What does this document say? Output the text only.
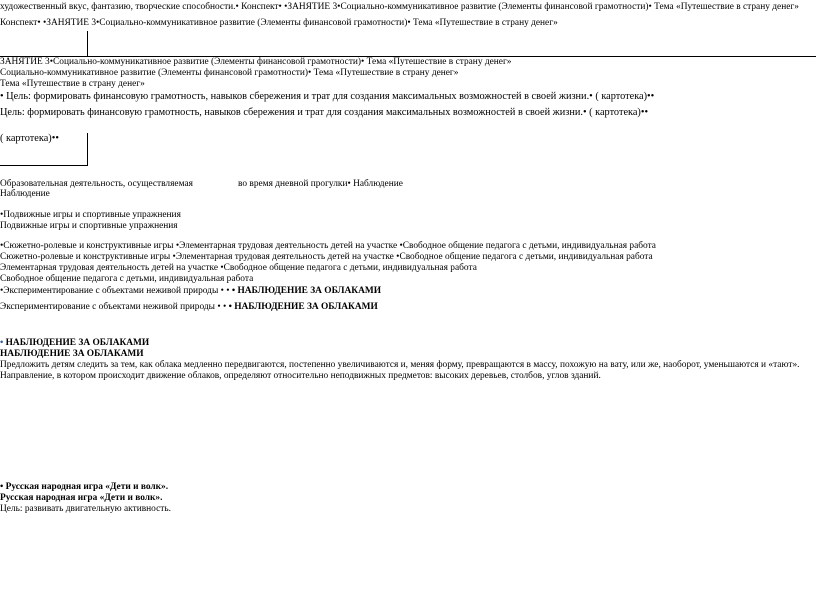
художественный вкус, фантазию, творческие способности.• Конспект• •ЗАНЯТИЕ 3•Социально-коммуникативное развитие (Элементы финансовой грамотности)• Тема «Путешествие в страну денег»
Конспект• •ЗАНЯТИЕ 3•Социально-коммуникативное развитие (Элементы финансовой грамотности)• Тема «Путешествие в страну денег»
ЗАНЯТИЕ 3•Социально-коммуникативное развитие (Элементы финансовой грамотности)• Тема «Путешествие в страну денег»
Социально-коммуникативное развитие (Элементы финансовой грамотности)• Тема «Путешествие в страну денег»
Тема «Путешествие в страну денег»
• Цель: формировать финансовую грамотность, навыков сбережения и трат для создания максимальных возможностей в своей жизни.• ( картотека)••
Цель: формировать финансовую грамотность, навыков сбережения и трат для создания максимальных возможностей в своей жизни.• ( картотека)••
( картотека)••
Образовательная деятельность, осуществляемая	во время дневной прогулки• Наблюдение
Наблюдение
•Подвижные игры и спортивные упражнения
Подвижные игры и спортивные упражнения
•Сюжетно-ролевые и конструктивные игры •Элементарная трудовая деятельность детей на участке •Свободное общение педагога с детьми, индивидуальная работа
Сюжетно-ролевые и конструктивные игры •Элементарная трудовая деятельность детей на участке •Свободное общение педагога с детьми, индивидуальная работа
Элементарная трудовая деятельность детей на участке •Свободное общение педагога с детьми, индивидуальная работа
Свободное общение педагога с детьми, индивидуальная работа
•Экспериментирование с объектами неживой природы • • • НАБЛЮДЕНИЕ ЗА ОБЛАКАМИ
Экспериментирование с объектами неживой природы • • • НАБЛЮДЕНИЕ ЗА ОБЛАКАМИ
• НАБЛЮДЕНИЕ ЗА ОБЛАКАМИ
НАБЛЮДЕНИЕ ЗА ОБЛАКАМИ
Предложить детям следить за тем, как облака медленно передвигаются, постепенно увеличиваются и, меняя форму, превращаются в массу, похожую на вату, или же, наоборот, уменьшаются и «тают».
Направление, в котором происходит движение облаков, определяют относительно неподвижных предметов: высоких деревьев, столбов, углов зданий.
• Русская народная игра «Дети и волк».
Русская народная игра «Дети и волк».
Цель: развивать двигательную активность.
